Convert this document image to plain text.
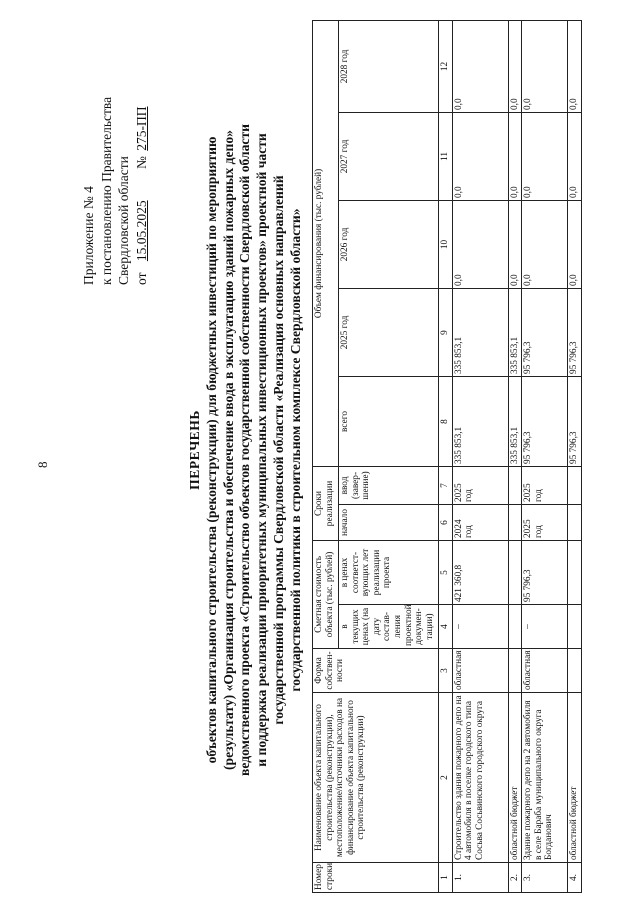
8
Приложение № 4 к постановлению Правительства Свердловской области от 15.05.2025 № 275-ПП
ПЕРЕЧЕНЬ объектов капитального строительства (реконструкции) для бюджетных инвестиций по мероприятию (результату) «Организация строительства и обеспечение ввода в эксплуатацию зданий пожарных депо» ведомственного проекта «Строительство объектов государственной собственности Свердловской области и поддержка реализации приоритетных муниципальных инвестиционных проектов» проектной части государственной программы Свердловской области «Реализация основных направлений государственной политики в строительном комплексе Свердловской области»
Номер строки	Наименование объекта капитального строительства (реконструкции), местоположение/источники расходов на финансирование объекта капитального строительства (реконструкции)	Форма собствен-ности	Сметная стоимость объекта (тыс. рублей)		Сроки реализации		Объем финансирования (тыс. рублей)				
			в текущих ценах (на дату состав-ления проектной докумен-тации)	в ценах соответст-вующих лет реализации проекта	начало	ввод (завер-шение)	всего	2025 год	2026 год	2027 год	2028 год
1	2	3	4	5	6	7	8	9	10	11	12
1.	Строительство здания пожарного депо на 4 автомобиля в поселке городского типа Сосьва Сосьвинского городского округа	областная	–	421 360,8	2024 год	2025 год	335 853,1	335 853,1	0,0	0,0	0,0
2.	областной бюджет						335 853,1	335 853,1	0,0	0,0	0,0
3.	Здание пожарного депо на 2 автомобиля в селе Бараба муниципального округа Богданович	областная	–	95 796,3	2025 год	2025 год	95 796,3	95 796,3	0,0	0,0	0,0
4.	областной бюджет						95 796,3	95 796,3	0,0	0,0	0,0
